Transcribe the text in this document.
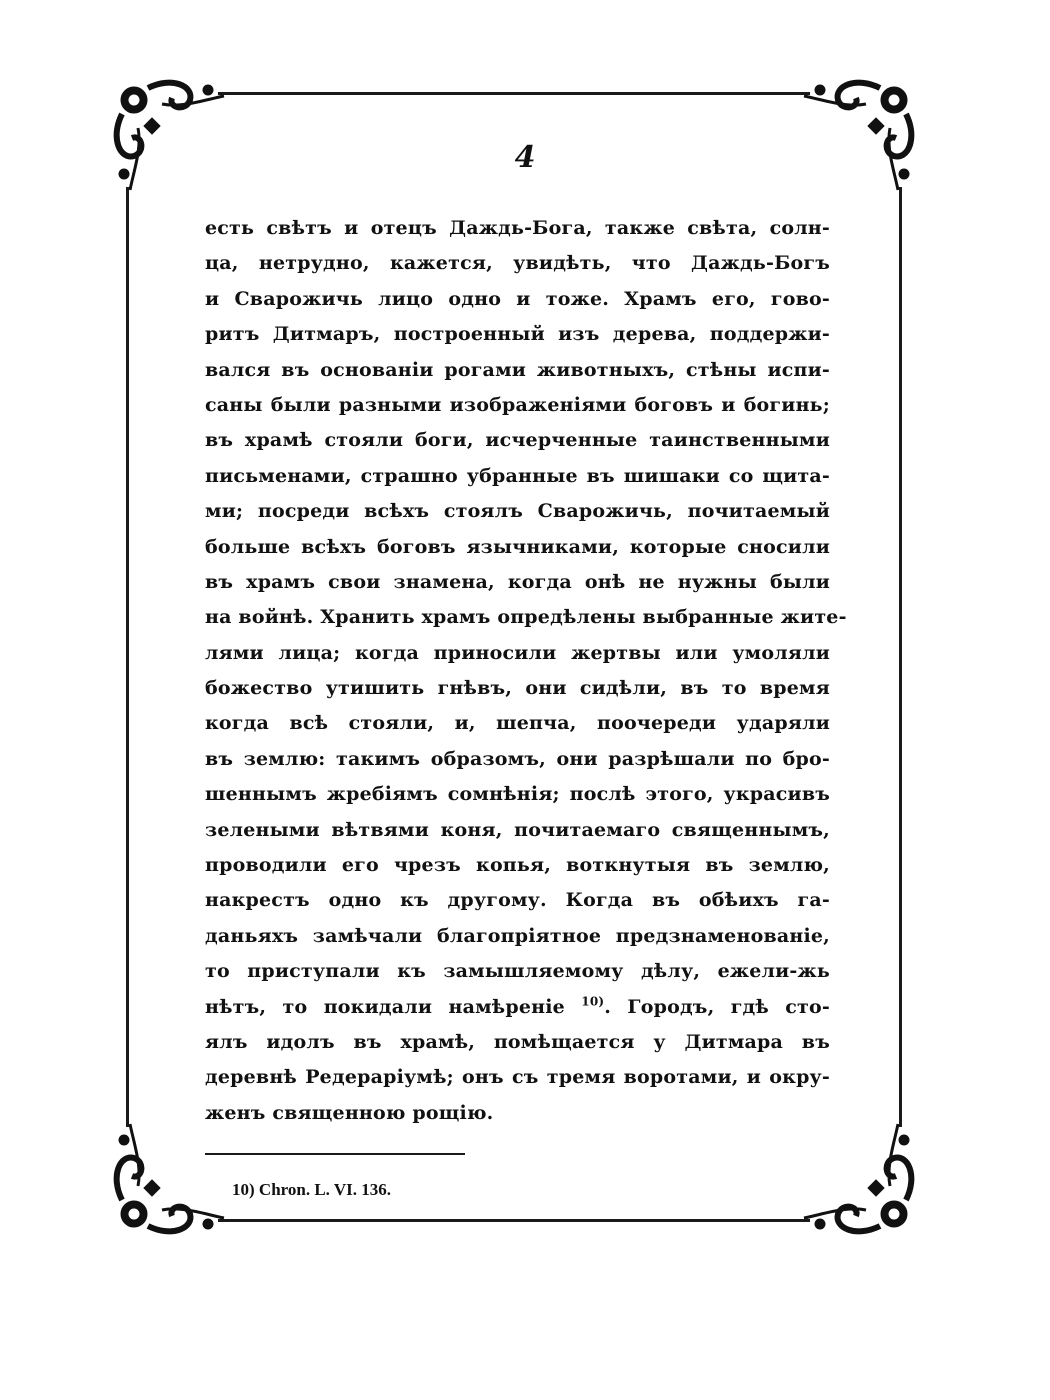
4
есть свѣтъ и отецъ Даждь-Бога, также свѣта, солн-
ца, нетрудно, кажется, увидѣть, что Даждь-Богъ
и Сварожичь лицо одно и тоже. Храмъ его, гово-
ритъ Дитмаръ, построенный изъ дерева, поддержи-
вался въ основаніи рогами животныхъ, стѣны испи-
саны были разными изображеніями боговъ и богинь;
въ храмѣ стояли боги, исчерченные таинственными
письменами, страшно убранные въ шишаки со щита-
ми; посреди всѣхъ стоялъ Сварожичь, почитаемый
больше всѣхъ боговъ язычниками, которые сносили
въ храмъ свои знамена, когда онѣ не нужны были
на войнѣ. Хранить храмъ опредѣлены выбранные жите-
лями лица; когда приносили жертвы или умоляли
божество утишить гнѣвъ, они сидѣли, въ то время
когда всѣ стояли, и, шепча, поочереди ударяли
въ землю: такимъ образомъ, они разрѣшали по бро-
шеннымъ жребіямъ сомнѣнія; послѣ этого, украсивъ
зелеными вѣтвями коня, почитаемаго священнымъ,
проводили его чрезъ копья, воткнутыя въ землю,
накрестъ одно къ другому. Когда въ обѣихъ га-
даньяхъ замѣчали благопріятное предзнаменованіе,
то приступали къ замышляемому дѣлу, ежели-жь
нѣтъ, то покидали намѣреніе $^{10)}$. Городъ, гдѣ сто-
ялъ идолъ въ храмѣ, помѣщается у Дитмара въ
деревнѣ Редераріумѣ; онъ съ тремя воротами, и окру-
женъ священною рощію.
10) Chron. L. VI. 136.
